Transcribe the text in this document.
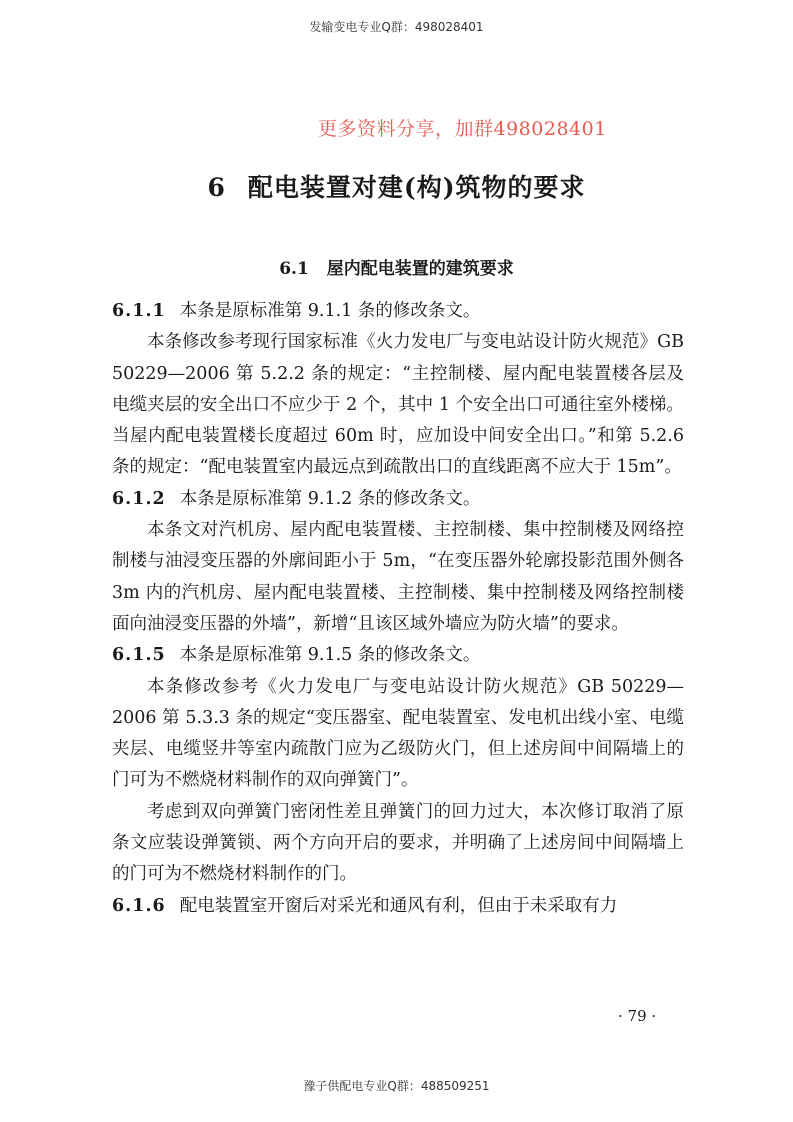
发输变电专业Q群：498028401
更多资料分享，加群498028401
6 配电装置对建(构)筑物的要求
6.1 屋内配电装置的建筑要求

6.1.1 本条是原标准第 9.1.1 条的修改条文。

本条修改参考现行国家标准《火力发电厂与变电站设计防火规范》GB 50229—2006 第 5.2.2 条的规定：“主控制楼、屋内配电装置楼各层及电缆夹层的安全出口不应少于 2 个，其中 1 个安全出口可通往室外楼梯。当屋内配电装置楼长度超过 60m 时，应加设中间安全出口。”和第 5.2.6 条的规定：“配电装置室内最远点到疏散出口的直线距离不应大于 15m”。

6.1.2 本条是原标准第 9.1.2 条的修改条文。

本条文对汽机房、屋内配电装置楼、主控制楼、集中控制楼及网络控制楼与油浸变压器的外廓间距小于 5m，“在变压器外轮廓投影范围外侧各 3m 内的汽机房、屋内配电装置楼、主控制楼、集中控制楼及网络控制楼面向油浸变压器的外墙”，新增“且该区域外墙应为防火墙”的要求。

6.1.5 本条是原标准第 9.1.5 条的修改条文。

本条修改参考《火力发电厂与变电站设计防火规范》GB 50229—2006 第 5.3.3 条的规定“变压器室、配电装置室、发电机出线小室、电缆夹层、电缆竖井等室内疏散门应为乙级防火门，但上述房间中间隔墙上的门可为不燃烧材料制作的双向弹簧门”。

考虑到双向弹簧门密闭性差且弹簧门的回力过大，本次修订取消了原条文应装设弹簧锁、两个方向开启的要求，并明确了上述房间中间隔墙上的门可为不燃烧材料制作的门。

6.1.6 配电装置室开窗后对采光和通风有利，但由于未采取有力

· 79 ·
豫子供配电专业Q群：488509251
